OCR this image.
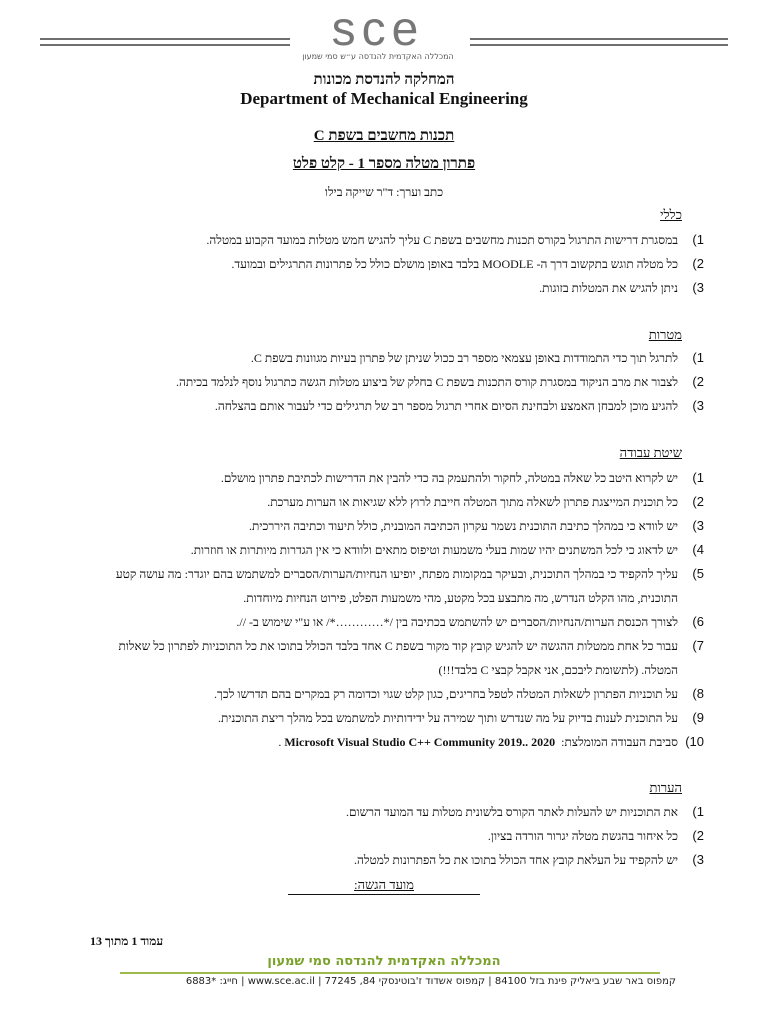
sce
המכללה האקדמית להנדסה ע״ש סמי שמעון
המחלקה להנדסת מכונות
Department of Mechanical Engineering
תכנות מחשבים בשפת C
פתרון מטלה מספר 1 - קלט פלט
כתב וערך: ד"ר שייקה בילו
כללי
1)
במסגרת דרישות התרגול בקורס תכנות מחשבים בשפת C עליך להגיש חמש מטלות במועד הקבוע במטלה.
2)
כל מטלה תוגש בתקשוב דרך ה- MOODLE בלבד באופן מושלם כולל כל פתרונות התרגילים ובמועד.
3)
ניתן להגיש את המטלות בזוגות.
מטרות
1)
לתרגל תוך כדי התמודדות באופן עצמאי מספר רב ככול שניתן של פתרון בעיות מגוונות בשפת C.
2)
לצבור את מרב הניקוד במסגרת קורס התכנות בשפת C בחלק של ביצוע מטלות הגשה כתרגול נוסף לנלמד בכיתה.
3)
להגיע מוכן למבחן האמצע ולבחינת הסיום אחרי תרגול מספר רב של תרגילים כדי לעבור אותם בהצלחה.
שיטת עבודה
1)
יש לקרוא היטב כל שאלה במטלה, לחקור ולהתעמק בה כדי להבין את הדרישות לכתיבת פתרון מושלם.
2)
כל תוכנית המייצגת פתרון לשאלה מתוך המטלה חייבת לרוץ ללא שגיאות או הערות מערכת.
3)
יש לוודא כי במהלך כתיבת התוכנית נשמר עקרון הכתיבה המובנית, כולל תיעוד וכתיבה היררכית.
4)
יש לדאוג כי לכל המשתנים יהיו שמות בעלי משמעות וטיפוס מתאים ולוודא כי אין הגדרות מיותרות או חוזרות.
5)
עליך להקפיד כי במהלך התוכנית, ובעיקר במקומות מפתח, יופיעו הנחיות/הערות/הסברים למשתמש בהם יוגדר: מה עושה קטע התוכנית, מהו הקלט הנדרש, מה מתבצע בכל מקטע, מהי משמעות הפלט, פירוט הנחיות מיוחדות.
6)
לצורך הכנסת הערות/הנחיות/הסברים יש להשתמש בכתיבה בין /*…………*/ או ע"י שימוש ב- //.
7)
עבור כל אחת ממטלות ההגשה יש להגיש קובץ קוד מקור בשפת C אחד בלבד הכולל בתוכו את כל התוכניות לפתרון כל שאלות המטלה. (לתשומת ליבכם, אני אקבל קבצי C בלבד!!!)
8)
על תוכניות הפתרון לשאלות המטלה לטפל בחריגים, כגון קלט שגוי וכדומה רק במקרים בהם תדרשו לכך.
9)
על התוכנית לענות בדיוק על מה שנדרש ותוך שמירה על ידידותיות למשתמש בכל מהלך ריצת התוכנית.
10)
סביבת העבודה המומלצת:  Microsoft Visual Studio C++ Community 2019.. 2020 .
הערות
1)
את התוכניות יש להעלות לאתר הקורס בלשונית מטלות עד המועד הרשום.
2)
כל איחור בהגשת מטלה יגרור הורדה בציון.
3)
יש להקפיד על העלאת קובץ אחד הכולל בתוכו את כל הפתרונות למטלה.
מועד הגשה:
עמוד 1 מתוך 13
המכללה האקדמית להנדסה סמי שמעון
קמפוס באר שבע ביאליק פינת בזל 84100 | קמפוס אשדוד ז'בוטינסקי 84, 77245 | www.sce.ac.il | חייג: *6883
